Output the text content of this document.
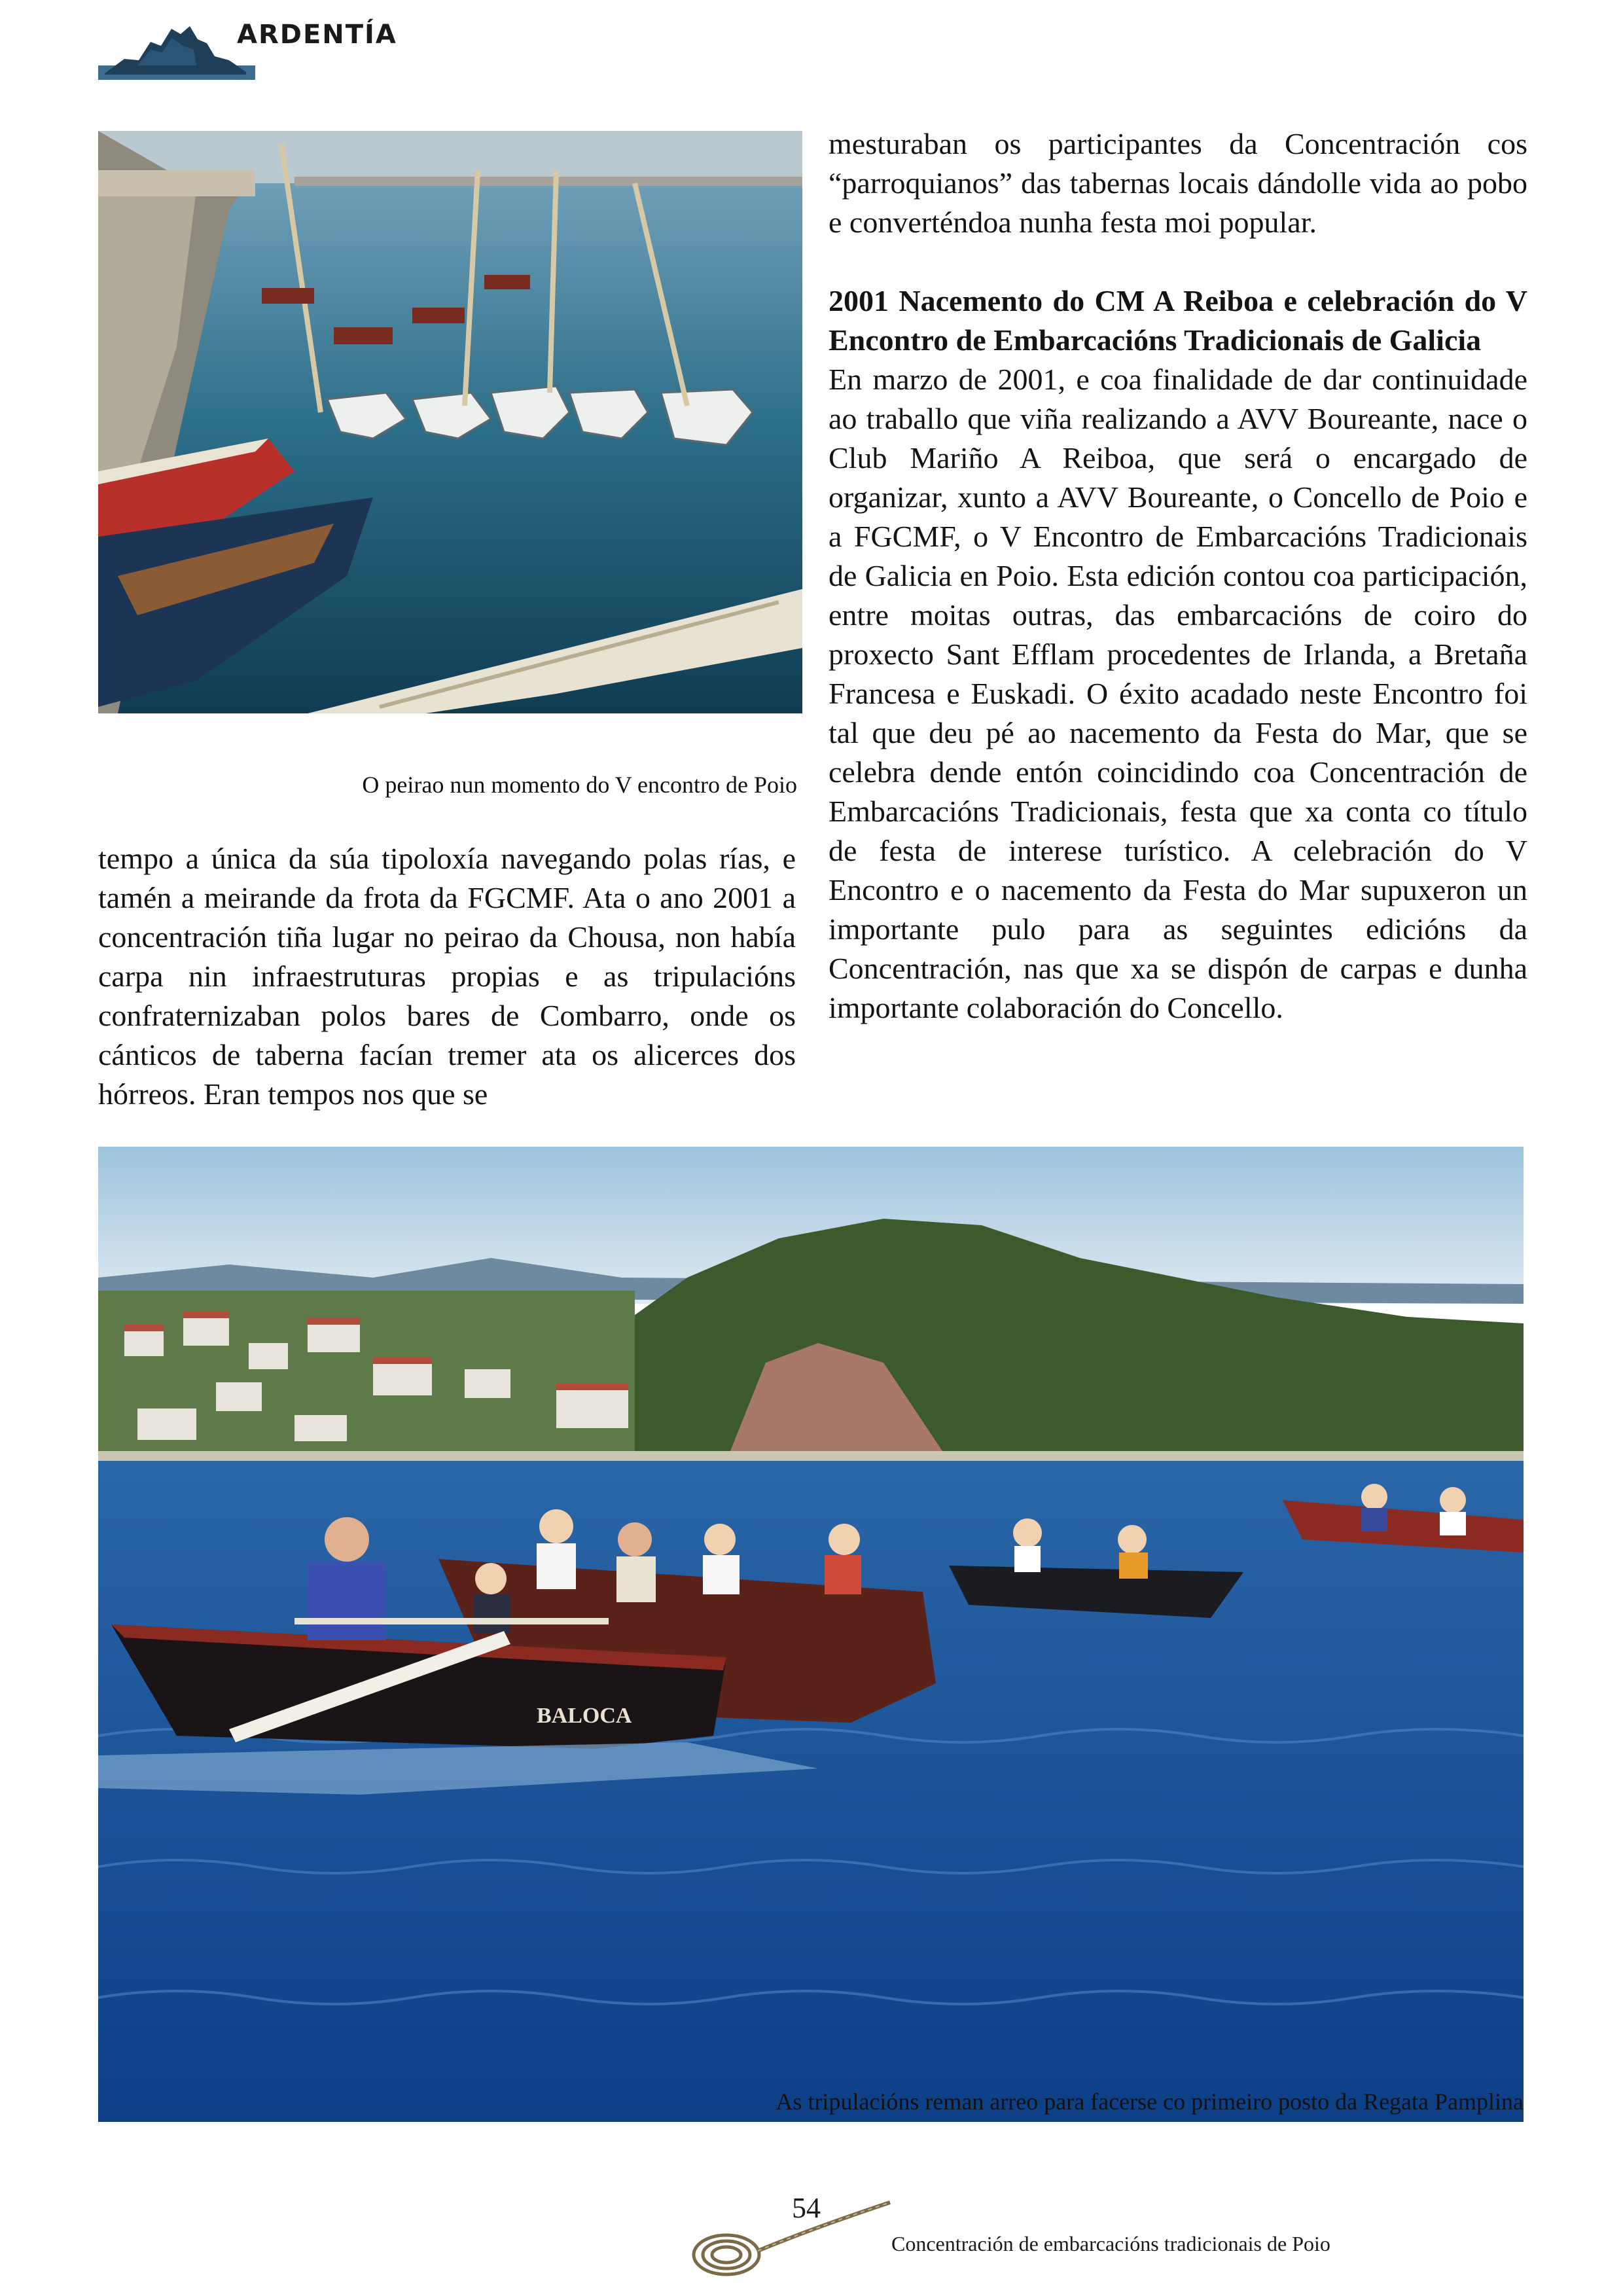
ARDENTÍA
O peirao nun momento do V encontro de Poio

tempo a única da súa tipoloxía navegando polas rías, e tamén a meirande da frota da FGCMF. Ata o ano 2001 a concentración tiña lugar no peirao da Chousa, non había carpa nin infraestruturas propias e as tripulacións confraternizaban polos bares de Combarro, onde os cánticos de taberna facían tremer ata os alicerces dos hórreos. Eran tempos nos que se

mesturaban os participantes da Concentración cos “parroquianos” das tabernas locais dándolle vida ao pobo e converténdoa nunha festa moi popular.

2001 Nacemento do CM A Reiboa e celebración do V Encontro de Embarcacións Tradicionais de Galicia

En marzo de 2001, e coa finalidade de dar continuidade ao traballo que viña realizando a AVV Boureante, nace o Club Mariño A Reiboa, que será o encargado de organizar, xunto a AVV Boureante, o Concello de Poio e a FGCMF, o V Encontro de Embarcacións Tradicionais de Galicia en Poio. Esta edición contou coa participación, entre moitas outras, das embarcacións de coiro do proxecto Sant Efflam procedentes de Irlanda, a Bretaña Francesa e Euskadi. O éxito acadado neste Encontro foi tal que deu pé ao nacemento da Festa do Mar, que se celebra dende entón coincidindo coa Concentración de Embarcacións Tradicionais, festa que xa conta co título de festa de interese turístico. A celebración do V Encontro e o nacemento da Festa do Mar supuxeron un importante pulo para as seguintes edicións da Concentración, nas que xa se dispón de carpas e dunha importante colaboración do Concello.

BALOCA
As tripulacións reman arreo para facerse co primeiro posto da Regata Pamplina
54
Concentración de embarcacións tradicionais de Poio
